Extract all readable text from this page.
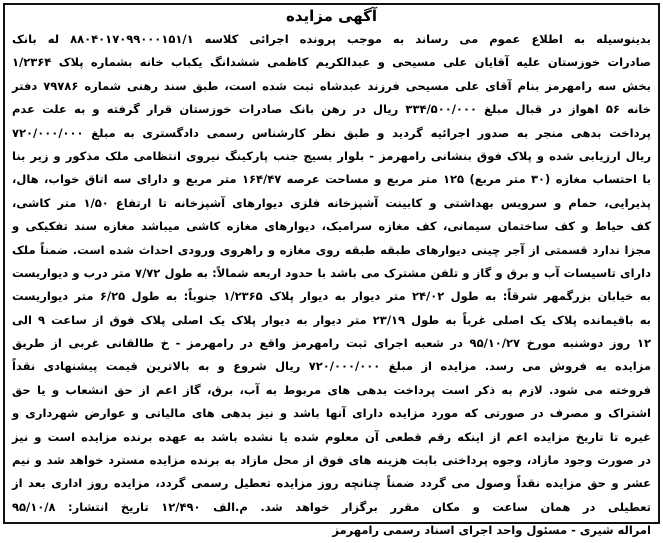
آگهی مزایده
بدینوسیله به اطلاع عموم می رساند به موجب پرونده اجرائی کلاسه ۸۸۰۴۰۱۷۰۹۹۰۰۰۱۵۱/۱ له بانک
صادرات خوزستان علیه آقایان علی مسیحی و عبدالکریم کاظمی ششدانگ یکباب خانه بشماره پلاک ۱/۲۳۶۴
بخش سه رامهرمز بنام آقای علی مسیحی فرزند عبدشاه ثبت شده است، طبق سند رهنی شماره ۷۹۷۸۶ دفتر
خانه ۵۶ اهواز در قبال مبلغ ۳۳۴/۵۰۰/۰۰۰ ریال در رهن بانک صادرات خوزستان قرار گرفته و به علت عدم
پرداخت بدهی منجر به صدور اجرائیه گردید و طبق نظر کارشناس رسمی دادگستری به مبلغ ۷۲۰/۰۰۰/۰۰۰
ریال ارزیابی شده و پلاک فوق بنشانی رامهرمز - بلوار بسیج جنب پارکینگ نیروی انتظامی ملک مذکور و زیر بنا
با احتساب مغازه (۳۰ متر مربع) ۱۲۵ متر مربع و مساحت عرصه ۱۶۴/۴۷ متر مربع و دارای سه اتاق خواب، هال،
پذیرایی، حمام و سرویس بهداشتی و کابینت آشپزخانه فلزی دیوارهای آشپزخانه تا ارتفاع ۱/۵۰ متر کاشی،
کف حیاط و کف ساختمان سیمانی، کف مغازه سرامیک، دیوارهای مغازه کاشی میباشد مغازه سند تفکیکی و
مجزا ندارد قسمتی از آجر چینی دیوارهای طبقه طبقه روی مغازه و راهروی ورودی احداث شده است. ضمناً ملک
دارای تاسیسات آب و برق و گاز و تلفن مشترک می باشد با حدود اربعه شمالاً: به طول ۷/۷۲ متر درب و دیواریست
به خیابان بزرگمهر شرقاً: به طول ۲۴/۰۲ متر دیوار به دیوار پلاک ۱/۲۳۶۵ جنوباً: به طول ۶/۲۵ متر دیواریست
به باقیمانده پلاک یک اصلی غرباً به طول ۲۳/۱۹ متر دیوار به دیوار پلاک یک اصلی پلاک فوق از ساعت ۹ الی
۱۲ روز دوشنبه مورخ ۹۵/۱۰/۲۷ در شعبه اجرای ثبت رامهرمز واقع در رامهرمز - خ طالقانی غربی از طریق
مزایده به فروش می رسد. مزایده از مبلغ ۷۲۰/۰۰۰/۰۰۰ ریال شروع و به بالاترین قیمت پیشنهادی نقداً
فروخته می شود. لازم به ذکر است پرداخت بدهی های مربوط به آب، برق، گاز اعم از حق انشعاب و یا حق
اشتراک و مصرف در صورتی که مورد مزایده دارای آنها باشد و نیز بدهی های مالیاتی و عوارض شهرداری و
غیره تا تاریخ مزایده اعم از اینکه رقم قطعی آن معلوم شده یا نشده باشد به عهده برنده مزایده است و نیز
در صورت وجود مازاد، وجوه پرداختی بابت هزینه های فوق از محل مازاد به برنده مزایده مسترد خواهد شد و نیم
عشر و حق مزایده نقداً وصول می گردد ضمناً چنانچه روز مزایده تعطیل رسمی گردد، مزایده روز اداری بعد از
تعطیلی در همان ساعت و مکان مقرر برگزار خواهد شد. م.الف ۱۲/۴۹۰ تاریخ انتشار: ۹۵/۱۰/۸
امراله شیری - مسئول واحد اجرای اسناد رسمی رامهرمز
